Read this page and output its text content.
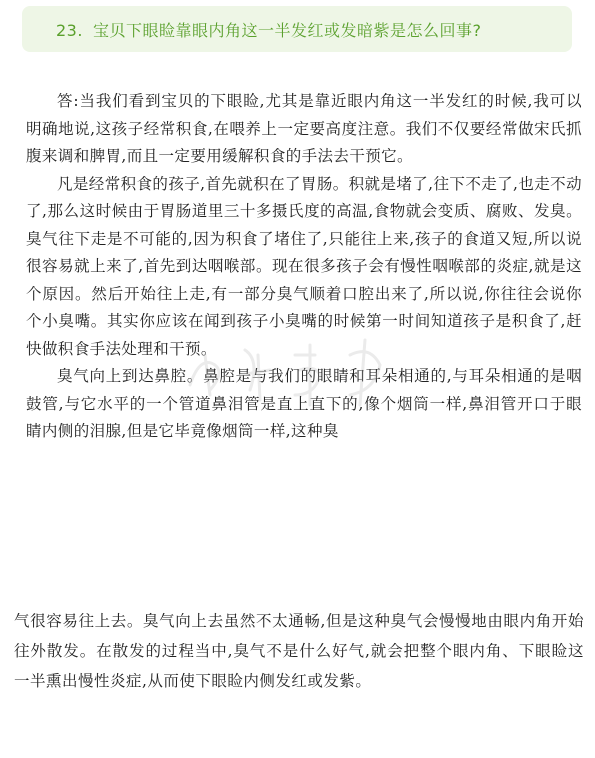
23. 宝贝下眼睑靠眼内角这一半发红或发暗紫是怎么回事?

答:当我们看到宝贝的下眼睑,尤其是靠近眼内角这一半发红的时候,我可以明确地说,这孩子经常积食,在喂养上一定要高度注意。我们不仅要经常做宋氏抓腹来调和脾胃,而且一定要用缓解积食的手法去干预它。

凡是经常积食的孩子,首先就积在了胃肠。积就是堵了,往下不走了,也走不动了,那么这时候由于胃肠道里三十多摄氏度的高温,食物就会变质、腐败、发臭。臭气往下走是不可能的,因为积食了堵住了,只能往上来,孩子的食道又短,所以说很容易就上来了,首先到达咽喉部。现在很多孩子会有慢性咽喉部的炎症,就是这个原因。然后开始往上走,有一部分臭气顺着口腔出来了,所以说,你往往会说你个小臭嘴。其实你应该在闻到孩子小臭嘴的时候第一时间知道孩子是积食了,赶快做积食手法处理和干预。

臭气向上到达鼻腔。鼻腔是与我们的眼睛和耳朵相通的,与耳朵相通的是咽鼓管,与它水平的一个管道鼻泪管是直上直下的,像个烟筒一样,鼻泪管开口于眼睛内侧的泪腺,但是它毕竟像烟筒一样,这种臭

气很容易往上去。臭气向上去虽然不太通畅,但是这种臭气会慢慢地由眼内角开始往外散发。在散发的过程当中,臭气不是什么好气,就会把整个眼内角、下眼睑这一半熏出慢性炎症,从而使下眼睑内侧发红或发紫。
